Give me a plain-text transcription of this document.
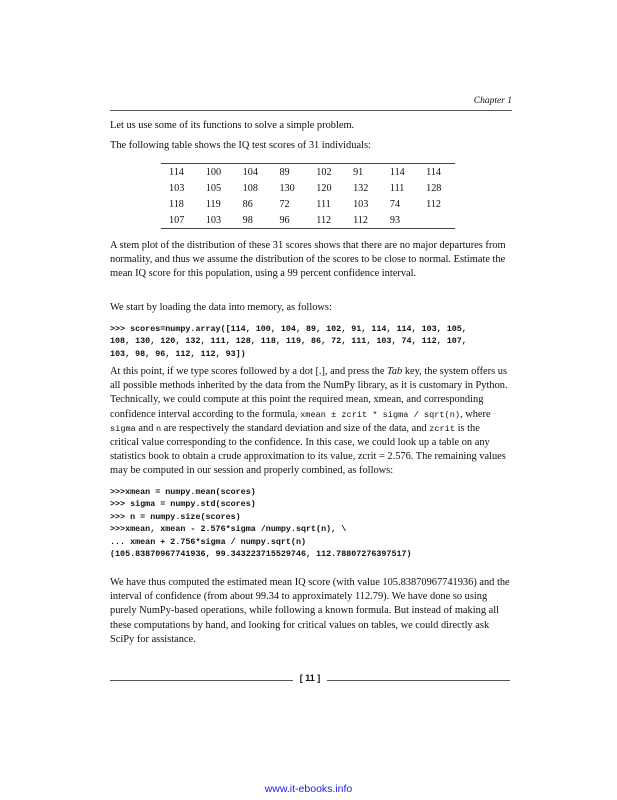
Chapter 1

Let us use some of its functions to solve a simple problem.

The following table shows the IQ test scores of 31 individuals:

114	100	104	89	102	91	114	114
103	105	108	130	120	132	111	128
118	119	86	72	111	103	74	112
107	103	98	96	112	112	93	

A stem plot of the distribution of these 31 scores shows that there are no major departures from normality, and thus we assume the distribution of the scores to be close to normal. Estimate the mean IQ score for this population, using a 99 percent confidence interval.

We start by loading the data into memory, as follows:

>>> scores=numpy.array([114, 100, 104, 89, 102, 91, 114, 114, 103, 105,
108, 130, 120, 132, 111, 128, 118, 119, 86, 72, 111, 103, 74, 112, 107,
103, 98, 96, 112, 112, 93])

At this point, if we type scores followed by a dot [.], and press the Tab key, the system offers us all possible methods inherited by the data from the NumPy library, as it is customary in Python. Technically, we could compute at this point the required mean, xmean, and corresponding confidence interval according to the formula, xmean ± zcrit * sigma / sqrt(n), where sigma and n are respectively the standard deviation and size of the data, and zcrit is the critical value corresponding to the confidence. In this case, we could look up a table on any statistics book to obtain a crude approximation to its value, zcrit = 2.576. The remaining values may be computed in our session and properly combined, as follows:

>>>xmean = numpy.mean(scores)
>>> sigma = numpy.std(scores)
>>> n = numpy.size(scores)
>>>xmean, xmean - 2.576*sigma /numpy.sqrt(n), \
... xmean + 2.756*sigma / numpy.sqrt(n)
(105.83870967741936, 99.343223715529746, 112.78807276397517)

We have thus computed the estimated mean IQ score (with value 105.83870967741936) and the interval of confidence (from about 99.34 to approximately 112.79). We have done so using purely NumPy-based operations, while following a known formula. But instead of making all these computations by hand, and looking for critical values on tables, we could directly ask SciPy for assistance.

[ 11 ]
www.it-ebooks.info
